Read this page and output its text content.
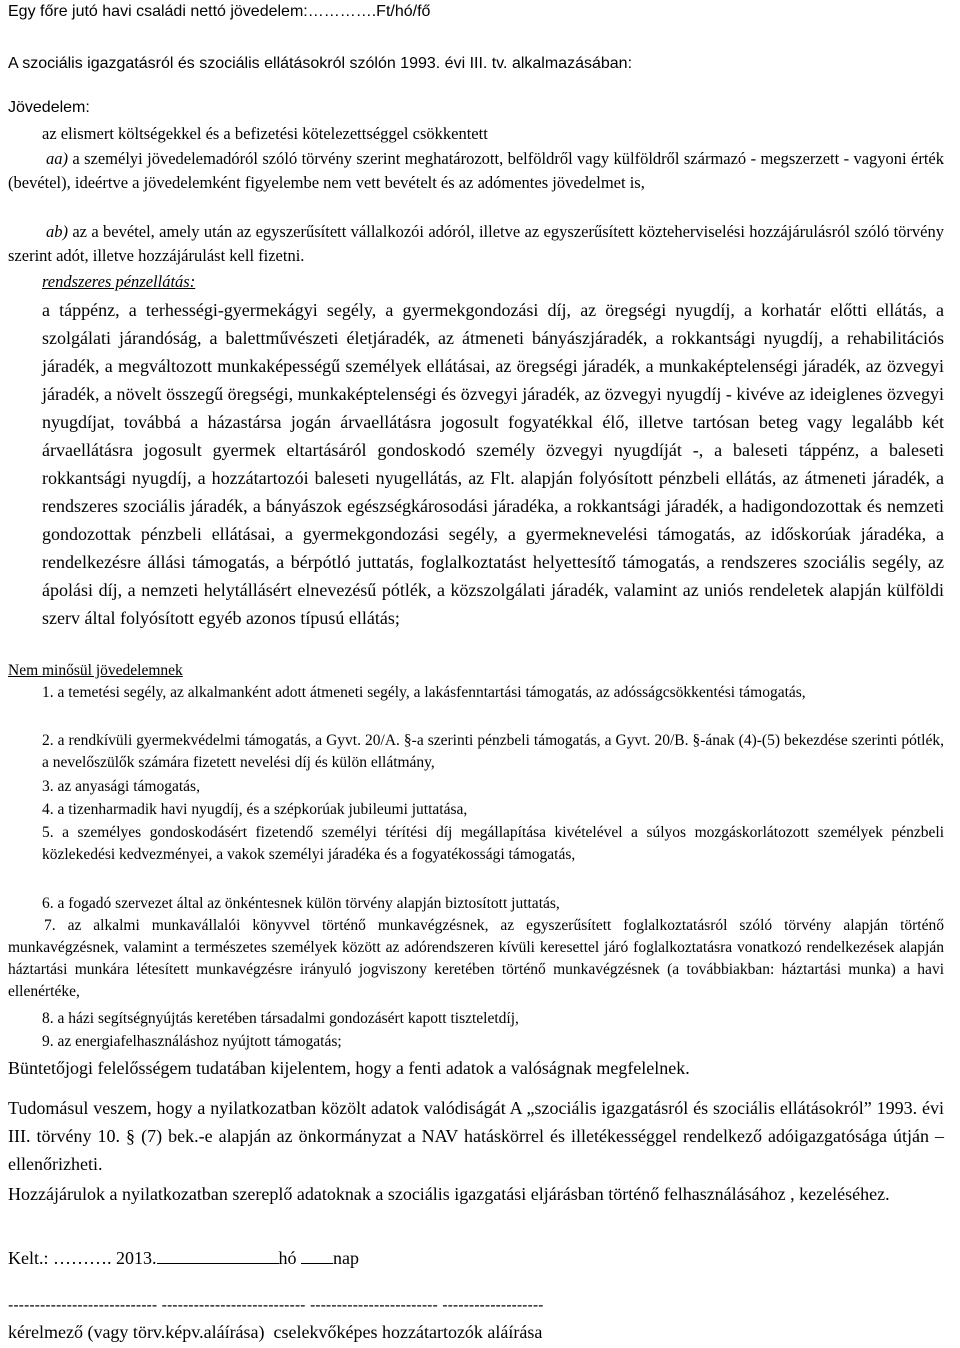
Egy főre jutó havi családi nettó jövedelem:………….Ft/hó/fő

A szociális igazgatásról és szociális ellátásokról szólón 1993. évi III. tv. alkalmazásában:

Jövedelem:

az elismert költségekkel és a befizetési kötelezettséggel csökkentett

aa) a személyi jövedelemadóról szóló törvény szerint meghatározott, belföldről vagy külföldről származó - megszerzett - vagyoni érték (bevétel), ideértve a jövedelemként figyelembe nem vett bevételt és az adómentes jövedelmet is,

ab) az a bevétel, amely után az egyszerűsített vállalkozói adóról, illetve az egyszerűsített közteherviselési hozzájárulásról szóló törvény szerint adót, illetve hozzájárulást kell fizetni.

rendszeres pénzellátás:

a táppénz, a terhességi-gyermekágyi segély, a gyermekgondozási díj, az öregségi nyugdíj, a korhatár előtti ellátás, a szolgálati járandóság, a balettművészeti életjáradék, az átmeneti bányászjáradék, a rokkantsági nyugdíj, a rehabilitációs járadék, a megváltozott munkaképességű személyek ellátásai, az öregségi járadék, a munkaképtelenségi járadék, az özvegyi járadék, a növelt összegű öregségi, munkaképtelenségi és özvegyi járadék, az özvegyi nyugdíj - kivéve az ideiglenes özvegyi nyugdíjat, továbbá a házastársa jogán árvaellátásra jogosult fogyatékkal élő, illetve tartósan beteg vagy legalább két árvaellátásra jogosult gyermek eltartásáról gondoskodó személy özvegyi nyugdíját -, a baleseti táppénz, a baleseti rokkantsági nyugdíj, a hozzátartozói baleseti nyugellátás, az Flt. alapján folyósított pénzbeli ellátás, az átmeneti járadék, a rendszeres szociális járadék, a bányászok egészségkárosodási járadéka, a rokkantsági járadék, a hadigondozottak és nemzeti gondozottak pénzbeli ellátásai, a gyermekgondozási segély, a gyermeknevelési támogatás, az időskorúak járadéka, a rendelkezésre állási támogatás, a bérpótló juttatás, foglalkoztatást helyettesítő támogatás, a rendszeres szociális segély, az ápolási díj, a nemzeti helytállásért elnevezésű pótlék, a közszolgálati járadék, valamint az uniós rendeletek alapján külföldi szerv által folyósított egyéb azonos típusú ellátás;

Nem minősül jövedelemnek

1. a temetési segély, az alkalmanként adott átmeneti segély, a lakásfenntartási támogatás, az adósságcsökkentési támogatás,

2. a rendkívüli gyermekvédelmi támogatás, a Gyvt. 20/A. §-a szerinti pénzbeli támogatás, a Gyvt. 20/B. §-ának (4)-(5) bekezdése szerinti pótlék, a nevelőszülők számára fizetett nevelési díj és külön ellátmány,

3. az anyasági támogatás,

4. a tizenharmadik havi nyugdíj, és a szépkorúak jubileumi juttatása,

5. a személyes gondoskodásért fizetendő személyi térítési díj megállapítása kivételével a súlyos mozgáskorlátozott személyek pénzbeli közlekedési kedvezményei, a vakok személyi járadéka és a fogyatékossági támogatás,

6. a fogadó szervezet által az önkéntesnek külön törvény alapján biztosított juttatás,

7. az alkalmi munkavállalói könyvvel történő munkavégzésnek, az egyszerűsített foglalkoztatásról szóló törvény alapján történő munkavégzésnek, valamint a természetes személyek között az adórendszeren kívüli keresettel járó foglalkoztatásra vonatkozó rendelkezések alapján háztartási munkára létesített munkavégzésre irányuló jogviszony keretében történő munkavégzésnek (a továbbiakban: háztartási munka) a havi ellenértéke,

8. a házi segítségnyújtás keretében társadalmi gondozásért kapott tiszteletdíj,

9. az energiafelhasználáshoz nyújtott támogatás;

Büntetőjogi felelősségem tudatában kijelentem, hogy a fenti adatok a valóságnak megfelelnek.

Tudomásul veszem, hogy a nyilatkozatban közölt adatok valódiságát A „szociális igazgatásról és szociális ellátásokról” 1993. évi III. törvény 10. § (7) bek.-e alapján az önkormányzat a NAV hatáskörrel és illetékességgel rendelkező adóigazgatósága útján – ellenőrizheti.

Hozzájárulok a nyilatkozatban szereplő adatoknak a szociális igazgatási eljárásban történő felhasználásához , kezeléséhez.

Kelt.: ………. 2013.	hó nap

---------------------------- --------------------------- ------------------------ -------------------

kérelmező (vagy törv.képv.aláírása)  cselekvőképes hozzátartozók aláírása
